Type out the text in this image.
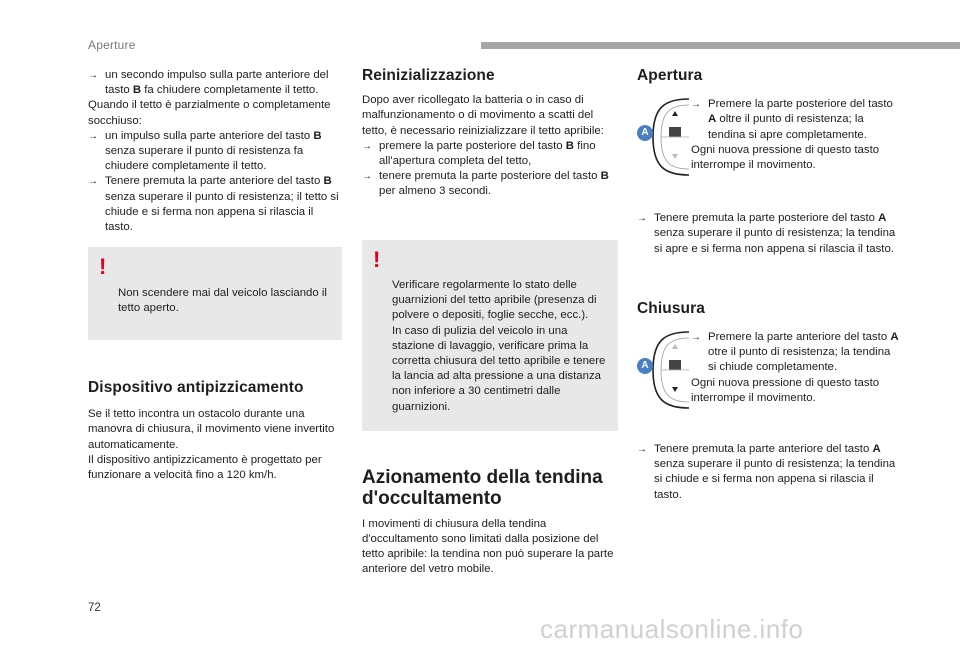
Aperture

→ un secondo impulso sulla parte anteriore del tasto B fa chiudere completamente il tetto.

Quando il tetto è parzialmente o completamente socchiuso:

→ un impulso sulla parte anteriore del tasto B senza superare il punto di resistenza fa chiudere completamente il tetto.

→ Tenere premuta la parte anteriore del tasto B senza superare il punto di resistenza; il tetto si chiude e si ferma non appena si rilascia il tasto.

!

Non scendere mai dal veicolo lasciando il tetto aperto.

Dispositivo antipizzicamento

Se il tetto incontra un ostacolo durante una manovra di chiusura, il movimento viene invertito automaticamente.
Il dispositivo antipizzicamento è progettato per funzionare a velocità fino a 120 km/h.

Reinizializzazione

Dopo aver ricollegato la batteria o in caso di malfunzionamento o di movimento a scatti del tetto, è necessario reinizializzare il tetto apribile:

→ premere la parte posteriore del tasto B fino all'apertura completa del tetto,

→ tenere premuta la parte posteriore del tasto B per almeno 3 secondi.

!

Verificare regolarmente lo stato delle guarnizioni del tetto apribile (presenza di polvere o depositi, foglie secche, ecc.).
In caso di pulizia del veicolo in una stazione di lavaggio, verificare prima la corretta chiusura del tetto apribile e tenere la lancia ad alta pressione a una distanza non inferiore a 30 centimetri dalle guarnizioni.

Azionamento della tendina d'occultamento

I movimenti di chiusura della tendina d'occultamento sono limitati dalla posizione del tetto apribile: la tendina non può superare la parte anteriore del vetro mobile.

Apertura
A

→ Premere la parte posteriore del tasto A oltre il punto di resistenza; la tendina si apre completamente.

Ogni nuova pressione di questo tasto interrompe il movimento.

→ Tenere premuta la parte posteriore del tasto A senza superare il punto di resistenza; la tendina si apre e si ferma non appena si rilascia il tasto.

Chiusura
A

→ Premere la parte anteriore del tasto A otre il punto di resistenza; la tendina si chiude completamente.

Ogni nuova pressione di questo tasto interrompe il movimento.

→ Tenere premuta la parte anteriore del tasto A senza superare il punto di resistenza; la tendina si chiude e si ferma non appena si rilascia il tasto.

72
carmanualsonline.info
